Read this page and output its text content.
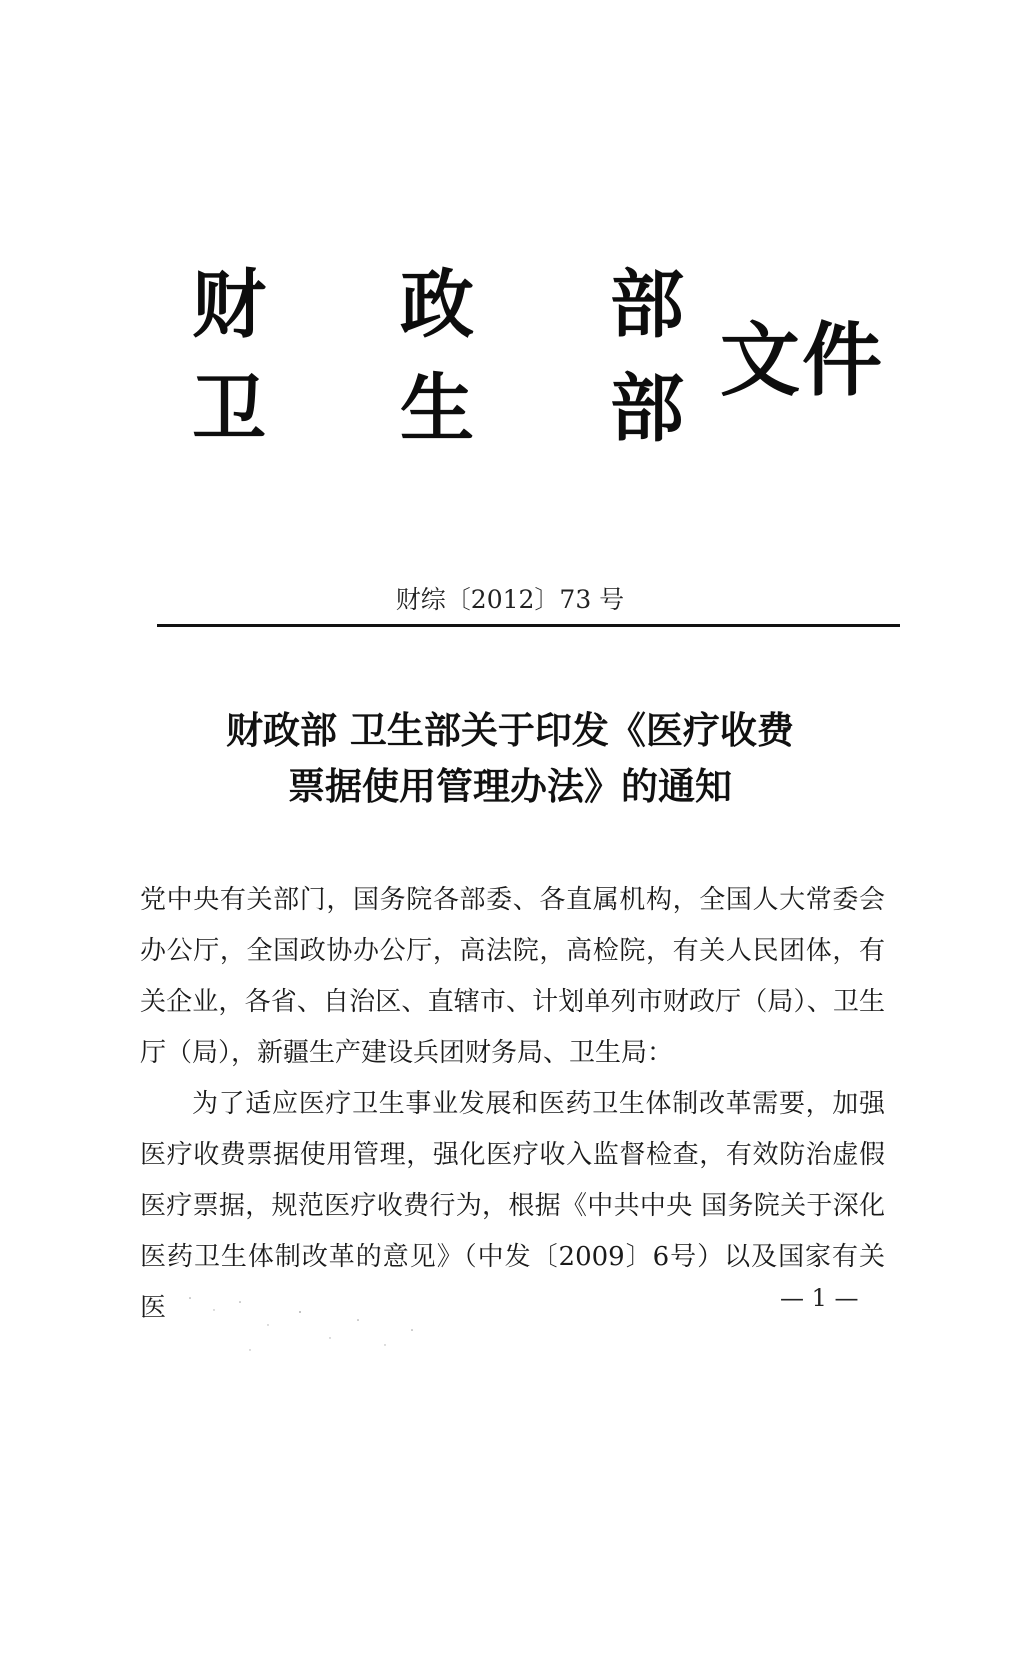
财 政 部
卫 生 部
文件
财综〔2012〕73 号
财政部 卫生部关于印发《医疗收费
票据使用管理办法》的通知

党中央有关部门，国务院各部委、各直属机构，全国人大常委会办公厅，全国政协办公厅，高法院，高检院，有关人民团体，有关企业，各省、自治区、直辖市、计划单列市财政厅（局）、卫生厅（局），新疆生产建设兵团财务局、卫生局：

为了适应医疗卫生事业发展和医药卫生体制改革需要，加强医疗收费票据使用管理，强化医疗收入监督检查，有效防治虚假医疗票据，规范医疗收费行为，根据《中共中央 国务院关于深化医药卫生体制改革的意见》（中发〔2009〕6号）以及国家有关医	— 1 —
